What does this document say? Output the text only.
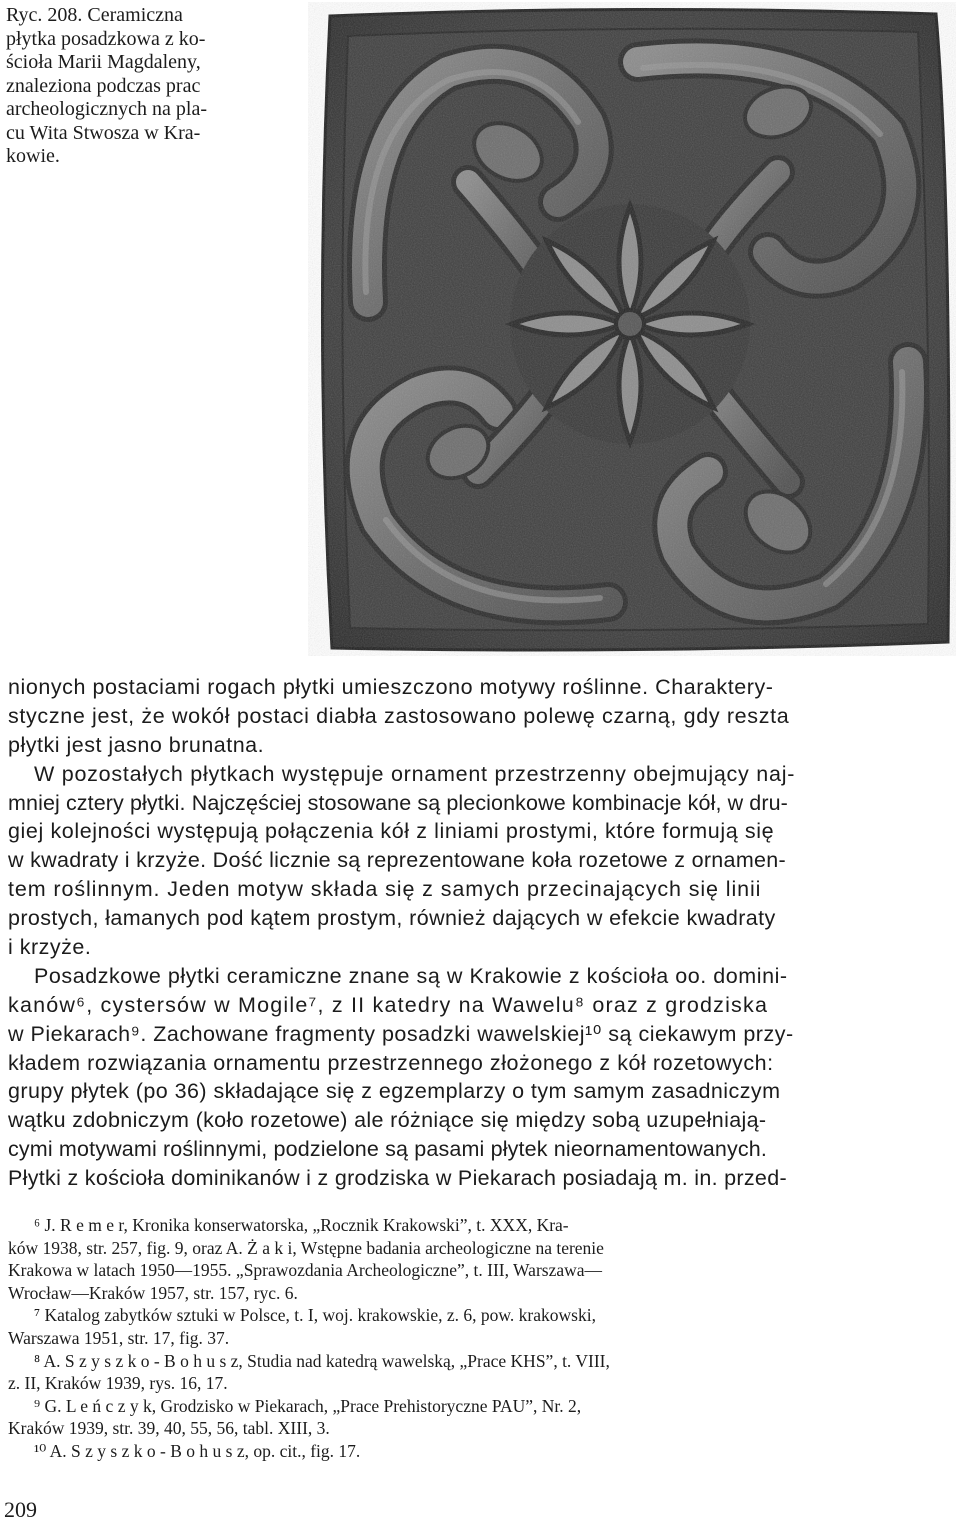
Ryc. 208. Ceramiczna
płytka posadzkowa z ko-
ścioła Marii Magdaleny,
znaleziona podczas prac
archeologicznych na pla-
cu Wita Stwosza w Kra-
kowie.
nionych postaciami rogach płytki umieszczono motywy roślinne. Charaktery-
styczne jest, że wokół postaci diabła zastosowano polewę czarną, gdy reszta
płytki jest jasno brunatna.
W pozostałych płytkach występuje ornament przestrzenny obejmujący naj-
mniej cztery płytki. Najczęściej stosowane są plecionkowe kombinacje kół, w dru-
giej kolejności występują połączenia kół z liniami prostymi, które formują się
w kwadraty i krzyże. Dość licznie są reprezentowane koła rozetowe z ornamen-
tem roślinnym. Jeden motyw składa się z samych przecinających się linii
prostych, łamanych pod kątem prostym, również dających w efekcie kwadraty
i krzyże.
Posadzkowe płytki ceramiczne znane są w Krakowie z kościoła oo. domini-
kanów⁶, cystersów w Mogile⁷, z II katedry na Wawelu⁸ oraz z grodziska
w Piekarach⁹. Zachowane fragmenty posadzki wawelskiej¹⁰ są ciekawym przy-
kładem rozwiązania ornamentu przestrzennego złożonego z kół rozetowych:
grupy płytek (po 36) składające się z egzemplarzy o tym samym zasadniczym
wątku zdobniczym (koło rozetowe) ale różniące się między sobą uzupełniają-
cymi motywami roślinnymi, podzielone są pasami płytek nieornamentowanych.
Płytki z kościoła dominikanów i z grodziska w Piekarach posiadają m. in. przed-
⁶ J. R e m e r, Kronika konserwatorska, „Rocznik Krakowski”, t. XXX, Kra-
ków 1938, str. 257, fig. 9, oraz A. Ż a k i, Wstępne badania archeologiczne na terenie
Krakowa w latach 1950—1955. „Sprawozdania Archeologiczne”, t. III, Warszawa—
Wrocław—Kraków 1957, str. 157, ryc. 6.
⁷ Katalog zabytków sztuki w Polsce, t. I, woj. krakowskie, z. 6, pow. krakowski,
Warszawa 1951, str. 17, fig. 37.
⁸ A. S z y s z k o - B o h u s z, Studia nad katedrą wawelską, „Prace KHS”, t. VIII,
z. II, Kraków 1939, rys. 16, 17.
⁹ G. L e ń c z y k, Grodzisko w Piekarach, „Prace Prehistoryczne PAU”, Nr. 2,
Kraków 1939, str. 39, 40, 55, 56, tabl. XIII, 3.
¹⁰ A. S z y s z k o - B o h u s z, op. cit., fig. 17.
209
